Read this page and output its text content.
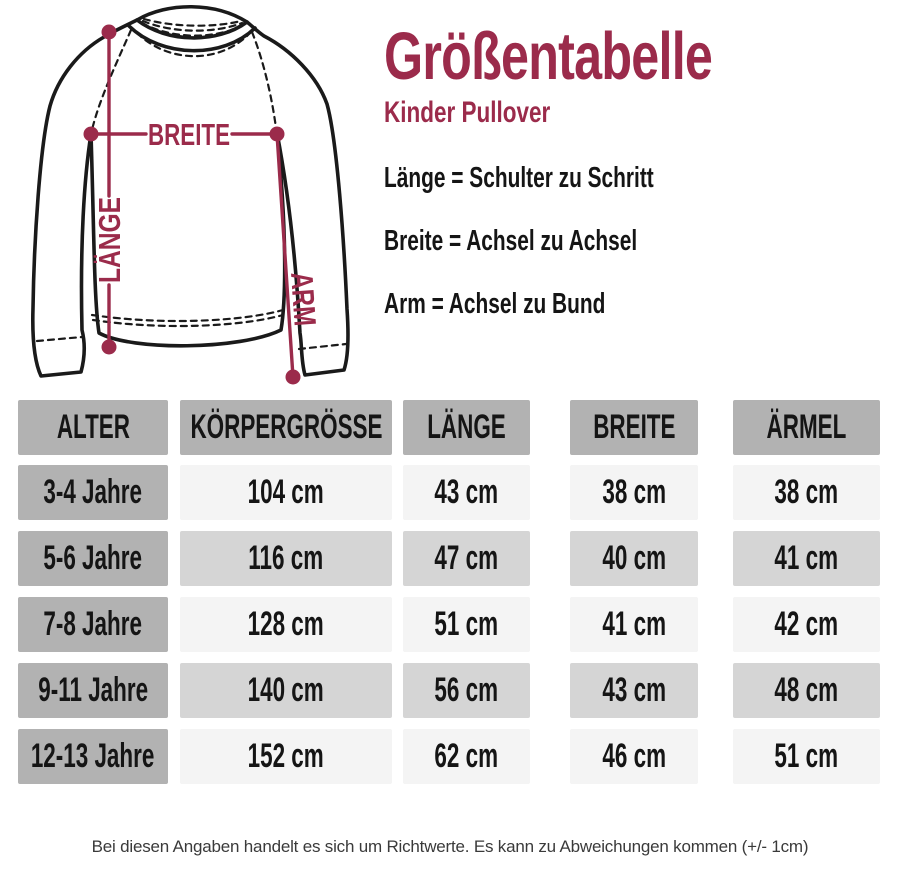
BREITE
LÄNGE
ARM
Größentabelle
Kinder Pullover
Länge = Schulter zu Schritt
Breite = Achsel zu Achsel
Arm = Achsel zu Bund
ALTER KÖRPERGRÖSSE LÄNGE	BREITE	ÄRMEL
3-4 Jahre	104 cm	43 cm	38 cm	38 cm
5-6 Jahre	116 cm	47 cm	40 cm	41 cm
7-8 Jahre	128 cm	51 cm	41 cm	42 cm
9-11 Jahre	140 cm	56 cm	43 cm	48 cm
12-13 Jahre	152 cm	62 cm	46 cm	51 cm
Bei diesen Angaben handelt es sich um Richtwerte. Es kann zu Abweichungen kommen (+/- 1cm)
